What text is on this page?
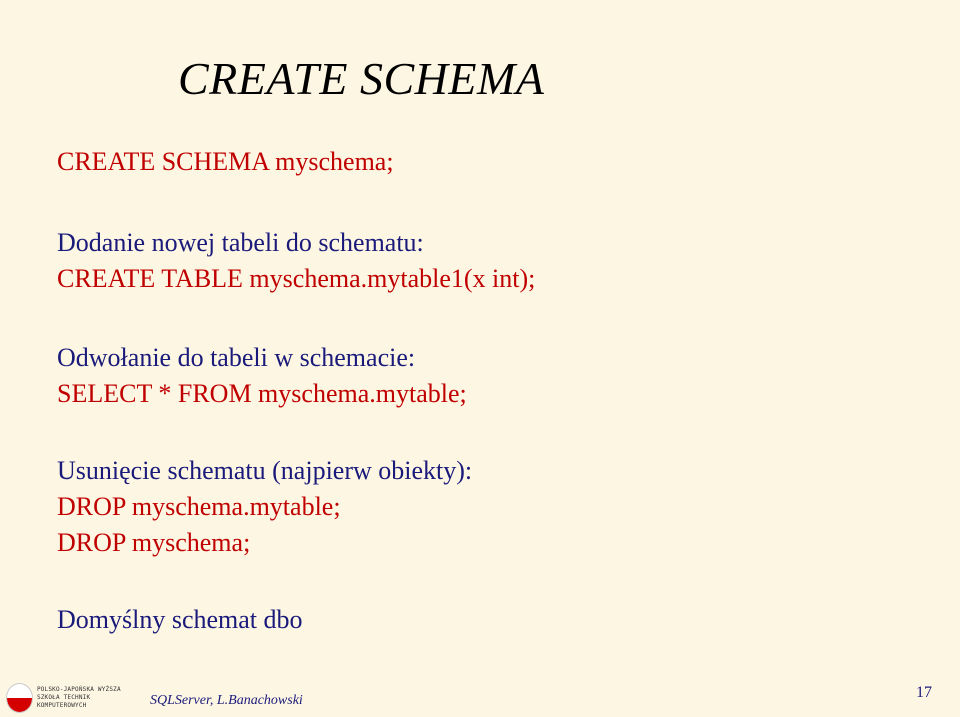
CREATE SCHEMA
CREATE SCHEMA myschema;
Dodanie nowej tabeli do schematu:
CREATE TABLE myschema.mytable1(x int);
Odwołanie do tabeli w schemacie:
SELECT * FROM myschema.mytable;
Usunięcie schematu (najpierw obiekty):
DROP myschema.mytable;
DROP myschema;
Domyślny schemat dbo
POLSKO-JAPOŃSKA WYŻSZA
SZKOŁA TECHNIK KOMPUTEROWYCH	SQLServer, L.Banachowski	17
